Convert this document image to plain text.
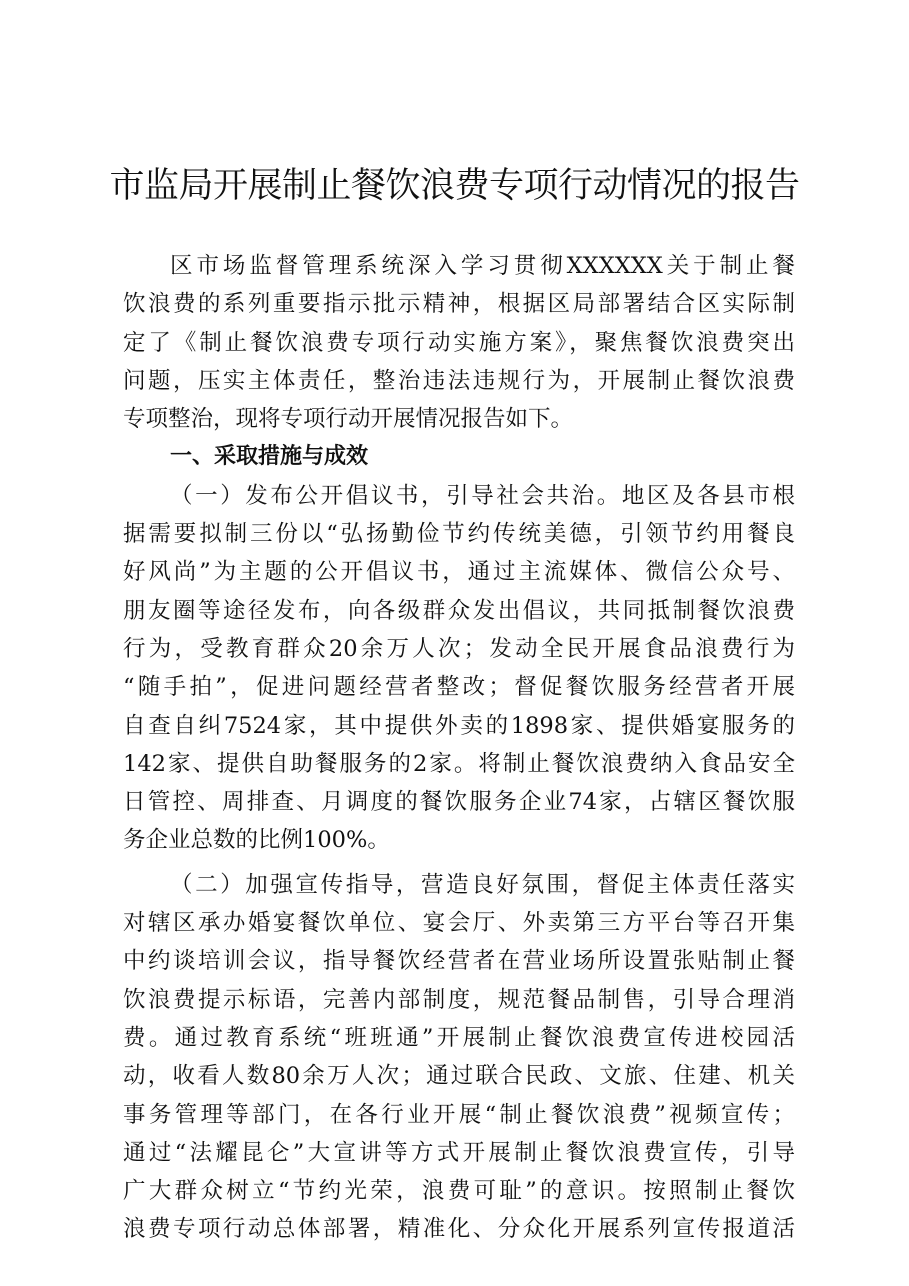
市监局开展制止餐饮浪费专项行动情况的报告
区市场监督管理系统深入学习贯彻XXXXXX关于制止餐
饮浪费的系列重要指示批示精神，根据区局部署结合区实际制
定了《制止餐饮浪费专项行动实施方案》，聚焦餐饮浪费突出
问题，压实主体责任，整治违法违规行为，开展制止餐饮浪费
专项整治，现将专项行动开展情况报告如下。
一、采取措施与成效
（一）发布公开倡议书，引导社会共治。地区及各县市根
据需要拟制三份以“弘扬勤俭节约传统美德，引领节约用餐良
好风尚”为主题的公开倡议书，通过主流媒体、微信公众号、
朋友圈等途径发布，向各级群众发出倡议，共同抵制餐饮浪费
行为，受教育群众20余万人次；发动全民开展食品浪费行为
“随手拍”，促进问题经营者整改；督促餐饮服务经营者开展
自查自纠7524家，其中提供外卖的1898家、提供婚宴服务的
142家、提供自助餐服务的2家。将制止餐饮浪费纳入食品安全
日管控、周排查、月调度的餐饮服务企业74家，占辖区餐饮服
务企业总数的比例100%。
（二）加强宣传指导，营造良好氛围，督促主体责任落实
对辖区承办婚宴餐饮单位、宴会厅、外卖第三方平台等召开集
中约谈培训会议，指导餐饮经营者在营业场所设置张贴制止餐
饮浪费提示标语，完善内部制度，规范餐品制售，引导合理消
费。通过教育系统“班班通”开展制止餐饮浪费宣传进校园活
动，收看人数80余万人次；通过联合民政、文旅、住建、机关
事务管理等部门，在各行业开展“制止餐饮浪费”视频宣传；
通过“法耀昆仑”大宣讲等方式开展制止餐饮浪费宣传，引导
广大群众树立“节约光荣，浪费可耻”的意识。按照制止餐饮
浪费专项行动总体部署，精准化、分众化开展系列宣传报道活
